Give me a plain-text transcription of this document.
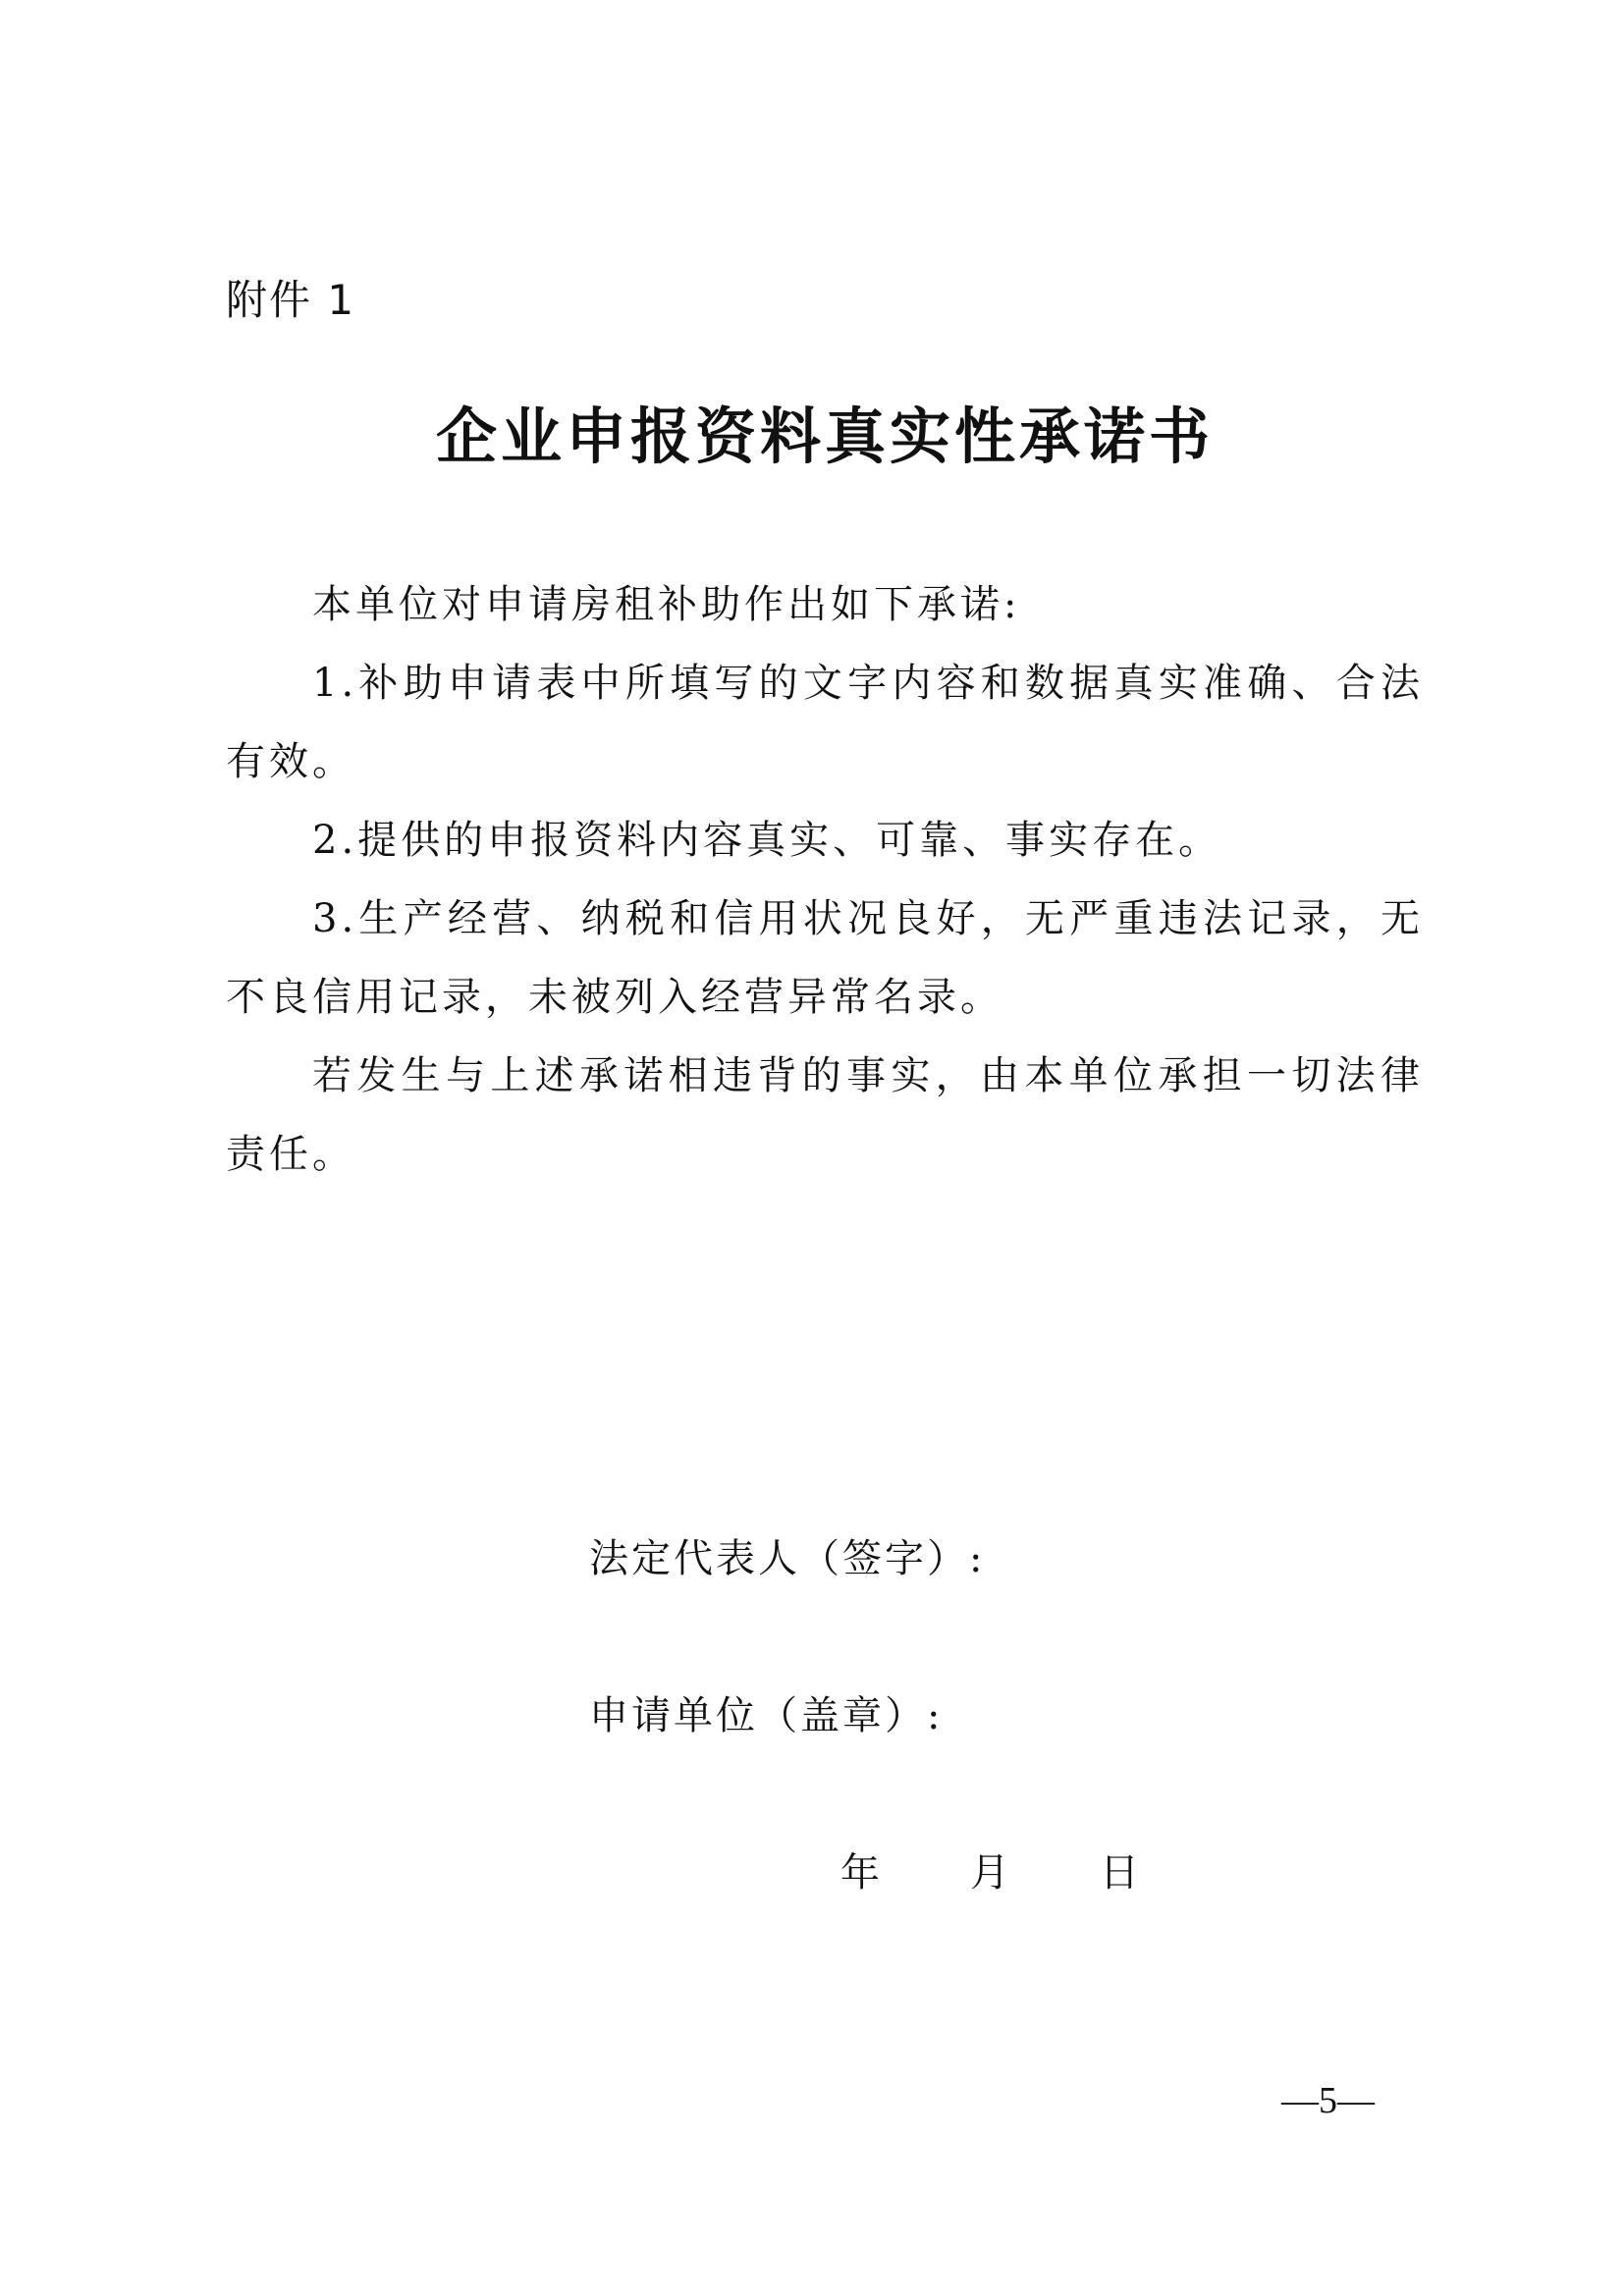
附件 1
企业申报资料真实性承诺书

本单位对申请房租补助作出如下承诺:

1.补助申请表中所填写的文字内容和数据真实准确、合法有效。

2.提供的申报资料内容真实、可靠、事实存在。

3.生产经营、纳税和信用状况良好，无严重违法记录，无不良信用记录，未被列入经营异常名录。

若发生与上述承诺相违背的事实，由本单位承担一切法律责任。

法定代表人（签字）:
申请单位（盖章）:
年 月 日
—5—
